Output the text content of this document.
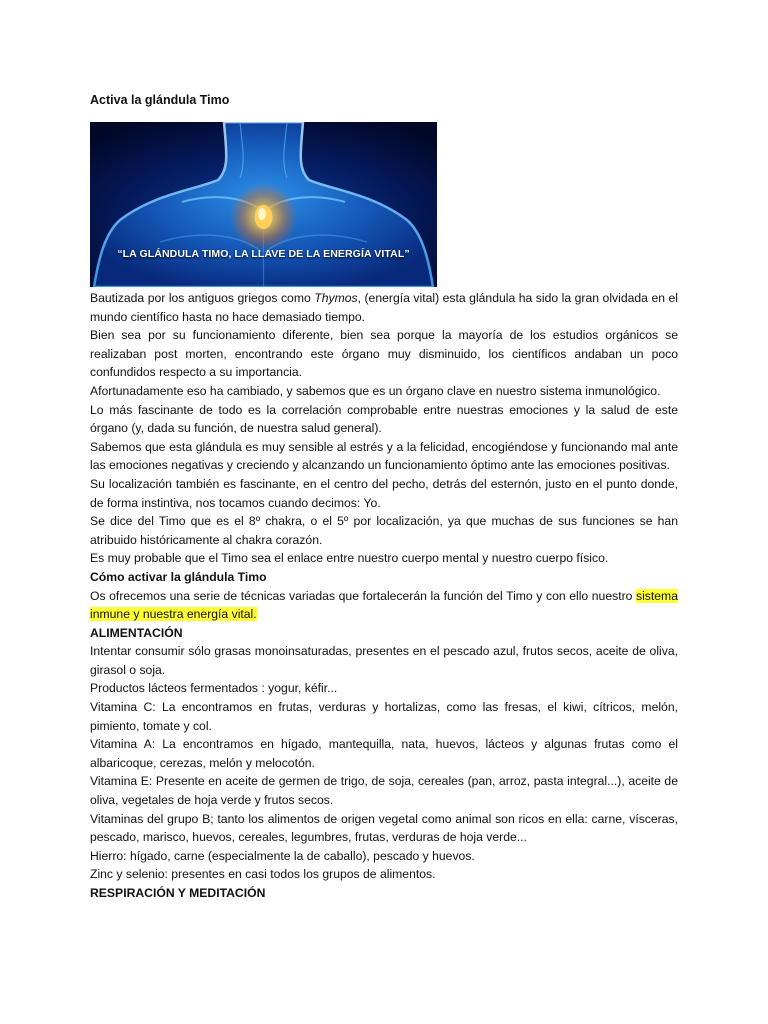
Activa la glándula Timo
“LA GLÁNDULA TIMO, LA LLAVE DE LA ENERGÍA VITAL”

Bautizada por los antiguos griegos como Thymos, (energía vital) esta glándula ha sido la gran olvidada en el mundo científico hasta no hace demasiado tiempo.

Bien sea por su funcionamiento diferente, bien sea porque la mayoría de los estudios orgánicos se realizaban post morten, encontrando este órgano muy disminuido, los científicos andaban un poco confundidos respecto a su importancia.

Afortunadamente eso ha cambiado, y sabemos que es un órgano clave en nuestro sistema inmunológico.

Lo más fascinante de todo es la correlación comprobable entre nuestras emociones y la salud de este órgano (y, dada su función, de nuestra salud general).

Sabemos que esta glándula es muy sensible al estrés y a la felicidad, encogiéndose y funcionando mal ante las emociones negativas y creciendo y alcanzando un funcionamiento óptimo ante las emociones positivas.

Su localización también es fascinante, en el centro del pecho, detrás del esternón, justo en el punto donde, de forma instintiva, nos tocamos cuando decimos: Yo.

Se dice del Timo que es el 8º chakra, o el 5º por localización, ya que muchas de sus funciones se han atribuido históricamente al chakra corazón.

Es muy probable que el Timo sea el enlace entre nuestro cuerpo mental y nuestro cuerpo físico.

Cómo activar la glándula Timo

Os ofrecemos una serie de técnicas variadas que fortalecerán la función del Timo y con ello nuestro sistema inmune y nuestra energía vital.

ALIMENTACIÓN

Intentar consumir sólo grasas monoinsaturadas, presentes en el pescado azul, frutos secos, aceite de oliva, girasol o soja.

Productos lácteos fermentados : yogur, kéfir...

Vitamina C: La encontramos en frutas, verduras y hortalizas, como las fresas, el kiwi, cítricos, melón, pimiento, tomate y col.

Vitamina A: La encontramos en hígado, mantequilla, nata, huevos, lácteos y algunas frutas como el albaricoque, cerezas, melón y melocotón.

Vitamina E: Presente en aceite de germen de trigo, de soja, cereales (pan, arroz, pasta integral...), aceite de oliva, vegetales de hoja verde y frutos secos.

Vitaminas del grupo B; tanto los alimentos de origen vegetal como animal son ricos en ella: carne, vísceras, pescado, marisco, huevos, cereales, legumbres, frutas, verduras de hoja verde...

Hierro: hígado, carne (especialmente la de caballo), pescado y huevos.

Zinc y selenio: presentes en casi todos los grupos de alimentos.

RESPIRACIÓN Y MEDITACIÓN
